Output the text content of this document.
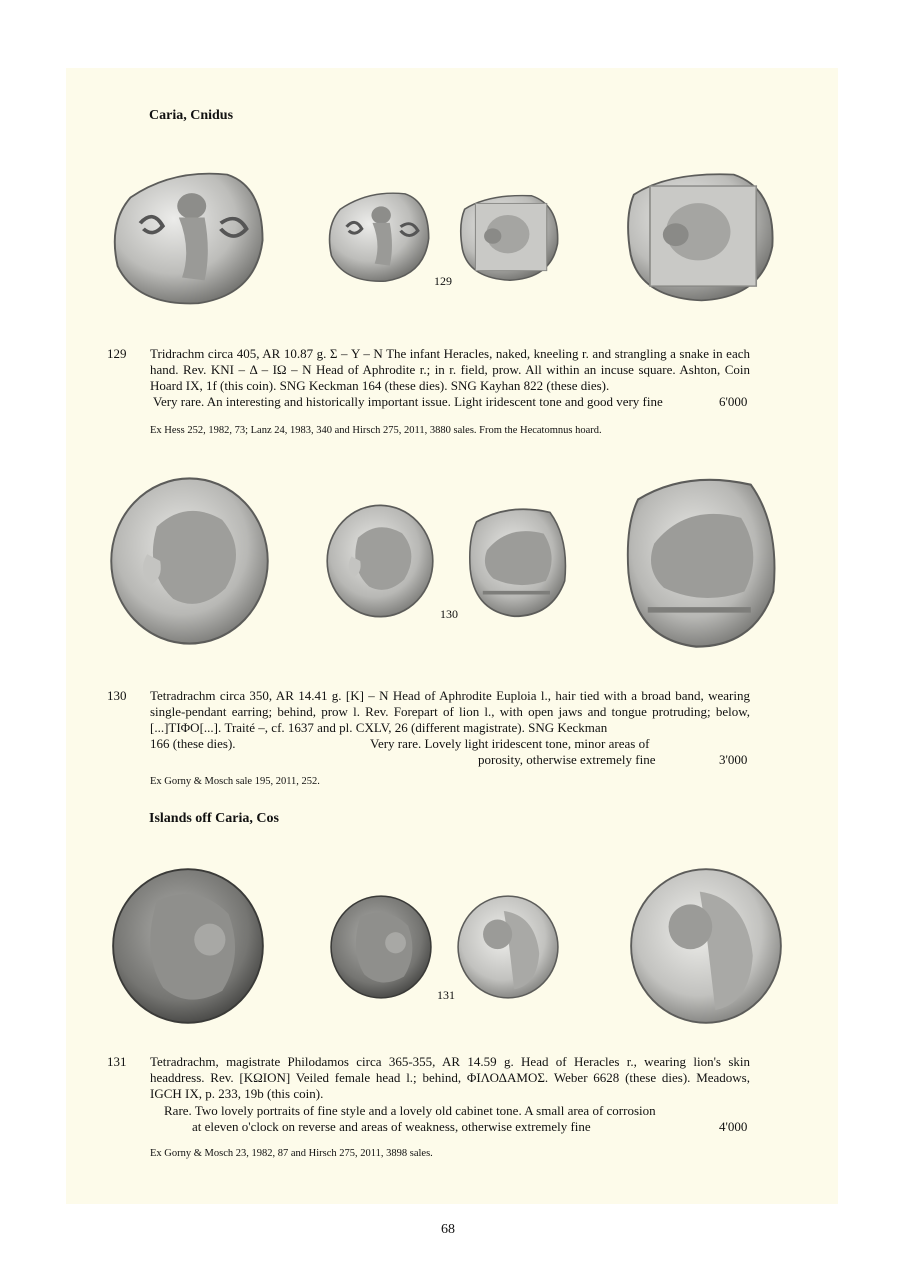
Caria, Cnidus
129
129 Tridrachm circa 405, AR 10.87 g. Σ – Y – N The infant Heracles, naked, kneeling r. and strangling a snake in each hand. Rev. KNI – Δ – IΩ – N Head of Aphrodite r.; in r. field, prow. All within an incuse square. Ashton, Coin Hoard IX, 1f (this coin). SNG Keckman 164 (these dies). SNG Kayhan 822 (these dies).
Very rare. An interesting and historically important issue. Light iridescent tone and good very fine	6'000
Ex Hess 252, 1982, 73; Lanz 24, 1983, 340 and Hirsch 275, 2011, 3880 sales. From the Hecatomnus hoard.
130
130 Tetradrachm circa 350, AR 14.41 g. [K] – N Head of Aphrodite Euploia l., hair tied with a broad band, wearing single-pendant earring; behind, prow l. Rev. Forepart of lion l., with open jaws and tongue protruding; below, [...]ΤΙΦΟ[...]. Traité –, cf. 1637 and pl. CXLV, 26 (different magistrate). SNG Keckman
166 (these dies).	Very rare. Lovely light iridescent tone, minor areas of
porosity, otherwise extremely fine	3'000
Ex Gorny & Mosch sale 195, 2011, 252.
Islands off Caria, Cos
131
131 Tetradrachm, magistrate Philodamos circa 365-355, AR 14.59 g. Head of Heracles r., wearing lion's skin headdress. Rev. [KΩION] Veiled female head l.; behind, ΦΙΛΟΔΑΜΟΣ. Weber 6628 (these dies). Meadows, IGCH IX, p. 233, 19b (this coin).
Rare. Two lovely portraits of fine style and a lovely old cabinet tone. A small area of corrosion
at eleven o'clock on reverse and areas of weakness, otherwise extremely fine	4'000
Ex Gorny & Mosch 23, 1982, 87 and Hirsch 275, 2011, 3898 sales.
68
